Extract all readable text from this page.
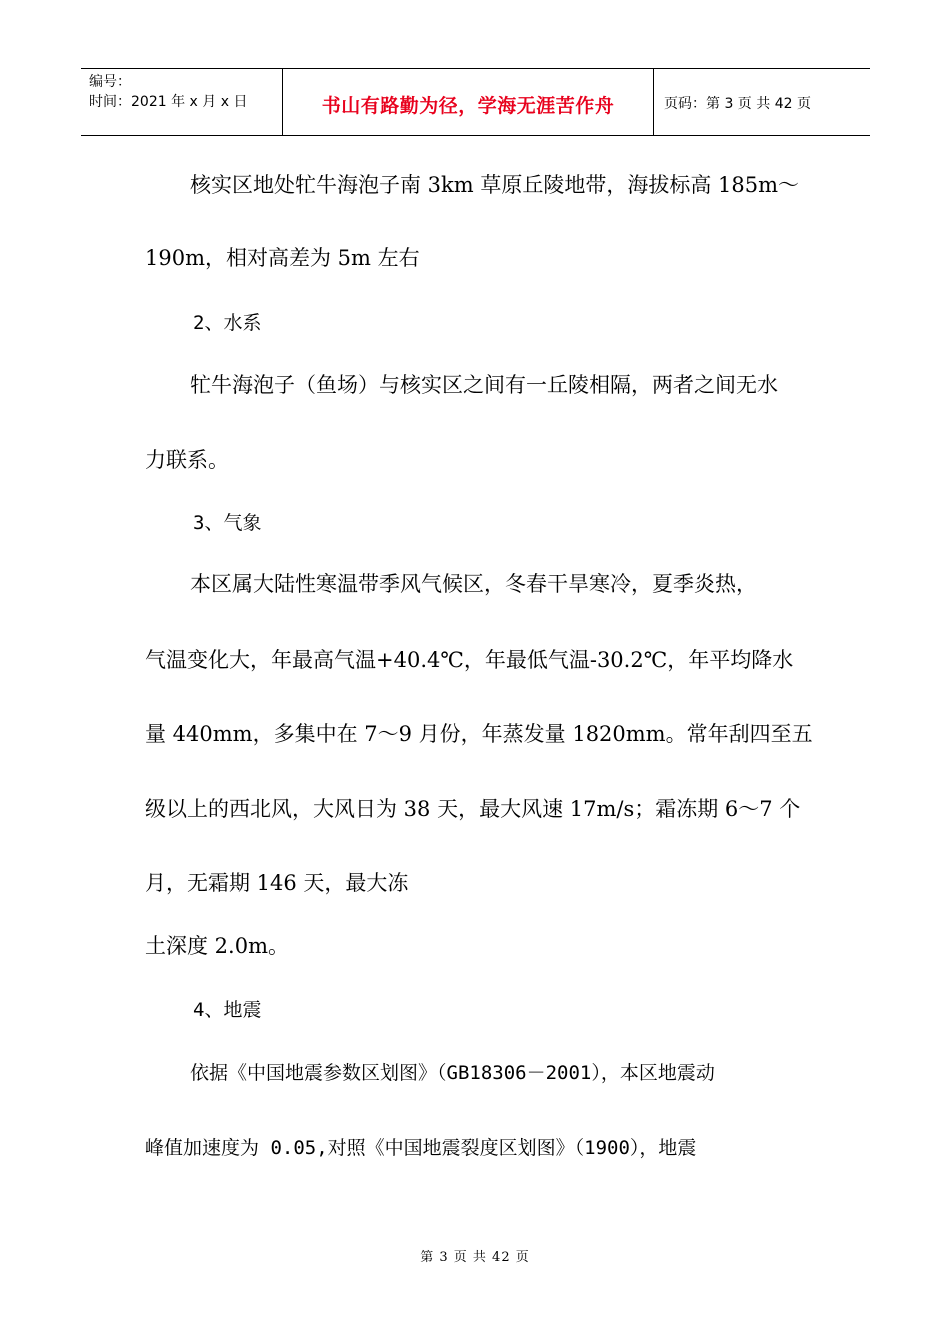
编号：
时间：2021 年 x 月 x 日	书山有路勤为径，学海无涯苦作舟	页码：第 3 页 共 42 页
核实区地处牤牛海泡子南 3km 草原丘陵地带，海拔标高 185m～
190m，相对高差为 5m 左右
2、水系
牤牛海泡子（鱼场）与核实区之间有一丘陵相隔，两者之间无水
力联系。
3、气象
本区属大陆性寒温带季风气候区，冬春干旱寒冷，夏季炎热，
气温变化大，年最高气温+40.4℃，年最低气温-30.2℃，年平均降水
量 440mm，多集中在 7～9 月份，年蒸发量 1820mm。常年刮四至五
级以上的西北风，大风日为 38 天，最大风速 17m/s；霜冻期 6～7 个
月，无霜期 146 天，最大冻
土深度 2.0m。
4、地震
依据《中国地震参数区划图》（GB18306－2001），本区地震动
峰值加速度为 0.05,对照《中国地震裂度区划图》（1900），地震
第 3 页 共 42 页
